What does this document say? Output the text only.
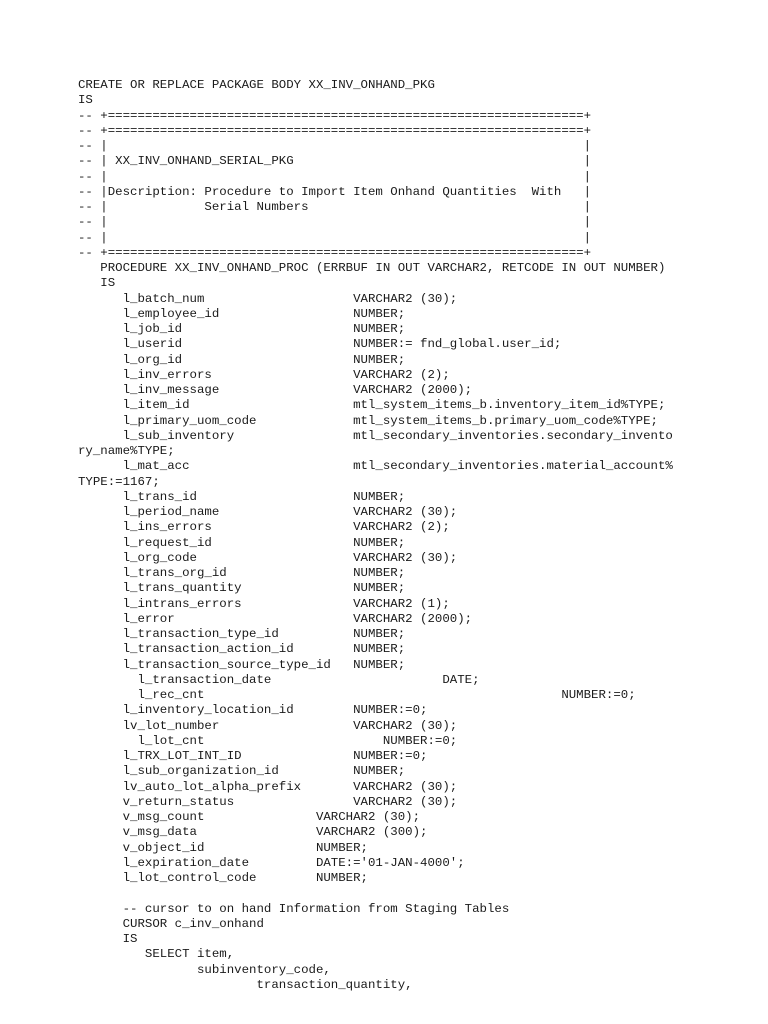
CREATE OR REPLACE PACKAGE BODY XX_INV_ONHAND_PKG
IS
-- +================================================================+
-- +================================================================+
-- |                                                                |
-- | XX_INV_ONHAND_SERIAL_PKG                                       |
-- |                                                                |
-- |Description: Procedure to Import Item Onhand Quantities  With   |
-- |             Serial Numbers                                     |
-- |                                                                |
-- |                                                                |
-- +================================================================+
PROCEDURE XX_INV_ONHAND_PROC (ERRBUF IN OUT VARCHAR2, RETCODE IN OUT NUMBER)
IS
l_batch_num                    VARCHAR2 (30);
l_employee_id                  NUMBER;
l_job_id                       NUMBER;
l_userid                       NUMBER:= fnd_global.user_id;
l_org_id                       NUMBER;
l_inv_errors                   VARCHAR2 (2);
l_inv_message                  VARCHAR2 (2000);
l_item_id                      mtl_system_items_b.inventory_item_id%TYPE;
l_primary_uom_code             mtl_system_items_b.primary_uom_code%TYPE;
l_sub_inventory                mtl_secondary_inventories.secondary_invento
ry_name%TYPE;
l_mat_acc                      mtl_secondary_inventories.material_account%
TYPE:=1167;
l_trans_id                     NUMBER;
l_period_name                  VARCHAR2 (30);
l_ins_errors                   VARCHAR2 (2);
l_request_id                   NUMBER;
l_org_code                     VARCHAR2 (30);
l_trans_org_id                 NUMBER;
l_trans_quantity               NUMBER;
l_intrans_errors               VARCHAR2 (1);
l_error                        VARCHAR2 (2000);
l_transaction_type_id          NUMBER;
l_transaction_action_id        NUMBER;
l_transaction_source_type_id   NUMBER;
l_transaction_date                       DATE;
l_rec_cnt                                                NUMBER:=0;
l_inventory_location_id        NUMBER:=0;
lv_lot_number                  VARCHAR2 (30);
l_lot_cnt                        NUMBER:=0;
l_TRX_LOT_INT_ID               NUMBER:=0;
l_sub_organization_id          NUMBER;
lv_auto_lot_alpha_prefix       VARCHAR2 (30);
v_return_status                VARCHAR2 (30);
v_msg_count               VARCHAR2 (30);
v_msg_data                VARCHAR2 (300);
v_object_id               NUMBER;
l_expiration_date         DATE:='01-JAN-4000';
l_lot_control_code        NUMBER;
-- cursor to on hand Information from Staging Tables
CURSOR c_inv_onhand
IS
SELECT item,
subinventory_code,
transaction_quantity,
